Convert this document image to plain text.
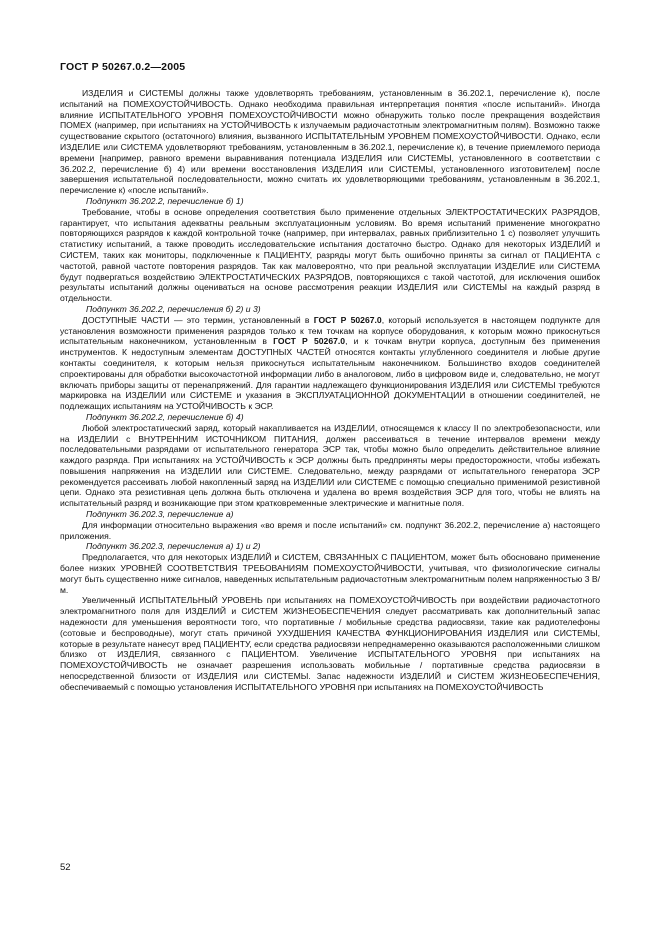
ГОСТ Р 50267.0.2—2005

ИЗДЕЛИЯ и СИСТЕМЫ должны также удовлетворять требованиям, установленным в 36.202.1, перечисление к), после испытаний на ПОМЕХОУСТОЙЧИВОСТЬ. Однако необходима правильная интерпретация понятия «после испытаний». Иногда влияние ИСПЫТАТЕЛЬНОГО УРОВНЯ ПОМЕХОУСТОЙЧИВОСТИ можно обнаружить только после прекращения воздействия ПОМЕХ (например, при испытаниях на УСТОЙЧИВОСТЬ к излучаемым радиочастотным электромагнитным полям). Возможно также существование скрытого (остаточного) влияния, вызванного ИСПЫТАТЕЛЬНЫМ УРОВНЕМ ПОМЕХОУСТОЙЧИВОСТИ. Однако, если ИЗДЕЛИЕ или СИСТЕМА удовлетворяют требованиям, установленным в 36.202.1, перечисление к), в течение приемлемого периода времени [например, равного времени выравнивания потенциала ИЗДЕЛИЯ или СИСТЕМЫ, установленного в соответствии с 36.202.2, перечисление б) 4) или времени восстановления ИЗДЕЛИЯ или СИСТЕМЫ, установленного изготовителем] после завершения испытательной последовательности, можно считать их удовлетворяющими требованиям, установленным в 36.202.1, перечисление к) «после испытаний».

Подпункт 36.202.2, перечисление б) 1)

Требование, чтобы в основе определения соответствия было применение отдельных ЭЛЕКТРОСТАТИЧЕСКИХ РАЗРЯДОВ, гарантирует, что испытания адекватны реальным эксплуатационным условиям. Во время испытаний применение многократно повторяющихся разрядов к каждой контрольной точке (например, при интервалах, равных приблизительно 1 с) позволяет улучшить статистику испытаний, а также проводить исследовательские испытания достаточно быстро. Однако для некоторых ИЗДЕЛИЙ и СИСТЕМ, таких как мониторы, подключенные к ПАЦИЕНТУ, разряды могут быть ошибочно приняты за сигнал от ПАЦИЕНТА с частотой, равной частоте повторения разрядов. Так как маловероятно, что при реальной эксплуатации ИЗДЕЛИЕ или СИСТЕМА будут подвергаться воздействию ЭЛЕКТРОСТАТИЧЕСКИХ РАЗРЯДОВ, повторяющихся с такой частотой, для исключения ошибок результаты испытаний должны оцениваться на основе рассмотрения реакции ИЗДЕЛИЯ или СИСТЕМЫ на каждый разряд в отдельности.

Подпункт 36.202.2, перечисления б) 2) и 3)

ДОСТУПНЫЕ ЧАСТИ — это термин, установленный в ГОСТ Р 50267.0, который используется в настоящем подпункте для установления возможности применения разрядов только к тем точкам на корпусе оборудования, к которым можно прикоснуться испытательным наконечником, установленным в ГОСТ Р 50267.0, и к точкам внутри корпуса, доступным без применения инструментов. К недоступным элементам ДОСТУПНЫХ ЧАСТЕЙ относятся контакты углубленного соединителя и любые другие контакты соединителя, к которым нельзя прикоснуться испытательным наконечником. Большинство входов соединителей спроектированы для обработки высокочастотной информации либо в аналоговом, либо в цифровом виде и, следовательно, не могут включать приборы защиты от перенапряжений. Для гарантии надлежащего функционирования ИЗДЕЛИЯ или СИСТЕМЫ требуются маркировка на ИЗДЕЛИИ или СИСТЕМЕ и указания в ЭКСПЛУАТАЦИОННОЙ ДОКУМЕНТАЦИИ в отношении соединителей, не подлежащих испытаниям на УСТОЙЧИВОСТЬ к ЭСР.

Подпункт 36.202.2, перечисление б) 4)

Любой электростатический заряд, который накапливается на ИЗДЕЛИИ, относящемся к классу II по электробезопасности, или на ИЗДЕЛИИ с ВНУТРЕННИМ ИСТОЧНИКОМ ПИТАНИЯ, должен рассеиваться в течение интервалов времени между последовательными разрядами от испытательного генератора ЭСР так, чтобы можно было определить действительное влияние каждого разряда. При испытаниях на УСТОЙЧИВОСТЬ к ЭСР должны быть предприняты меры предосторожности, чтобы избежать повышения напряжения на ИЗДЕЛИИ или СИСТЕМЕ. Следовательно, между разрядами от испытательного генератора ЭСР рекомендуется рассеивать любой накопленный заряд на ИЗДЕЛИИ или СИСТЕМЕ с помощью специально применимой резистивной цепи. Однако эта резистивная цепь должна быть отключена и удалена во время воздействия ЭСР для того, чтобы не влиять на испытательный разряд и возникающие при этом кратковременные электрические и магнитные поля.

Подпункт 36.202.3, перечисление а)

Для информации относительно выражения «во время и после испытаний» см. подпункт 36.202.2, перечисление а) настоящего приложения.

Подпункт 36.202.3, перечисления а) 1) и 2)

Предполагается, что для некоторых ИЗДЕЛИЙ и СИСТЕМ, СВЯЗАННЫХ С ПАЦИЕНТОМ, может быть обосновано применение более низких УРОВНЕЙ СООТВЕТСТВИЯ ТРЕБОВАНИЯМ ПОМЕХОУСТОЙЧИВОСТИ, учитывая, что физиологические сигналы могут быть существенно ниже сигналов, наведенных испытательным радиочастотным электромагнитным полем напряженностью 3 В/м.

Увеличенный ИСПЫТАТЕЛЬНЫЙ УРОВЕНЬ при испытаниях на ПОМЕХОУСТОЙЧИВОСТЬ при воздействии радиочастотного электромагнитного поля для ИЗДЕЛИЙ и СИСТЕМ ЖИЗНЕОБЕСПЕЧЕНИЯ следует рассматривать как дополнительный запас надежности для уменьшения вероятности того, что портативные / мобильные средства радиосвязи, такие как радиотелефоны (сотовые и беспроводные), могут стать причиной УХУДШЕНИЯ КАЧЕСТВА ФУНКЦИОНИРОВАНИЯ ИЗДЕЛИЯ или СИСТЕМЫ, которые в результате нанесут вред ПАЦИЕНТУ, если средства радиосвязи непреднамеренно оказываются расположенными слишком близко от ИЗДЕЛИЯ, связанного с ПАЦИЕНТОМ. Увеличение ИСПЫТАТЕЛЬНОГО УРОВНЯ при испытаниях на ПОМЕХОУСТОЙЧИВОСТЬ не означает разрешения использовать мобильные / портативные средства радиосвязи в непосредственной близости от ИЗДЕЛИЯ или СИСТЕМЫ. Запас надежности ИЗДЕЛИЙ и СИСТЕМ ЖИЗНЕОБЕСПЕЧЕНИЯ, обеспечиваемый с помощью установления ИСПЫТАТЕЛЬНОГО УРОВНЯ при испытаниях на ПОМЕХОУСТОЙЧИВОСТЬ

52
